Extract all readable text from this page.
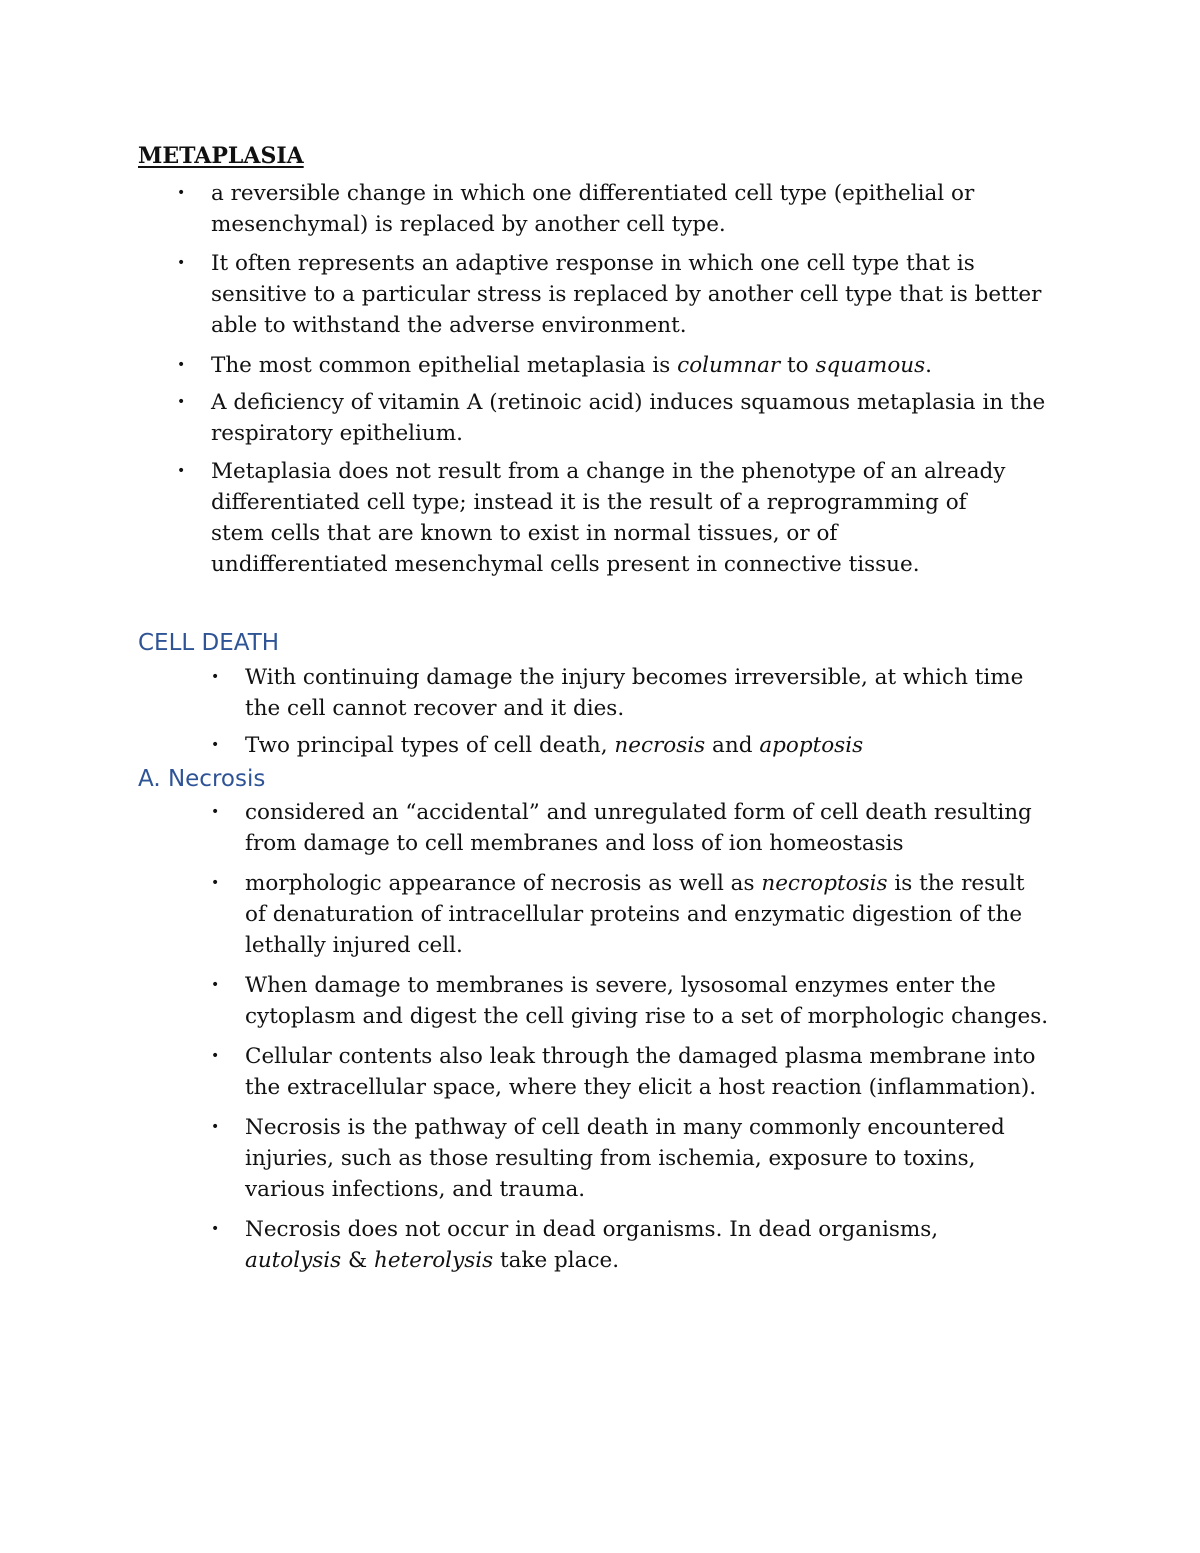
METAPLASIA
• a reversible change in which one differentiated cell type (epithelial or mesenchymal) is replaced by another cell type.
• It often represents an adaptive response in which one cell type that is sensitive to a particular stress is replaced by another cell type that is better able to withstand the adverse environment.
• The most common epithelial metaplasia is columnar to squamous.
• A deficiency of vitamin A (retinoic acid) induces squamous metaplasia in the respiratory epithelium.
• Metaplasia does not result from a change in the phenotype of an already differentiated cell type; instead it is the result of a reprogramming of stem cells that are known to exist in normal tissues, or of undifferentiated mesenchymal cells present in connective tissue.
CELL DEATH
• With continuing damage the injury becomes irreversible, at which time the cell cannot recover and it dies.
• Two principal types of cell death, necrosis and apoptosis
A. Necrosis
• considered an “accidental” and unregulated form of cell death resulting from damage to cell membranes and loss of ion homeostasis
• morphologic appearance of necrosis as well as necroptosis is the result of denaturation of intracellular proteins and enzymatic digestion of the lethally injured cell.
• When damage to membranes is severe, lysosomal enzymes enter the cytoplasm and digest the cell giving rise to a set of morphologic changes.
• Cellular contents also leak through the damaged plasma membrane into the extracellular space, where they elicit a host reaction (inflammation).
• Necrosis is the pathway of cell death in many commonly encountered injuries, such as those resulting from ischemia, exposure to toxins, various infections, and trauma.
• Necrosis does not occur in dead organisms. In dead organisms, autolysis & heterolysis take place.
